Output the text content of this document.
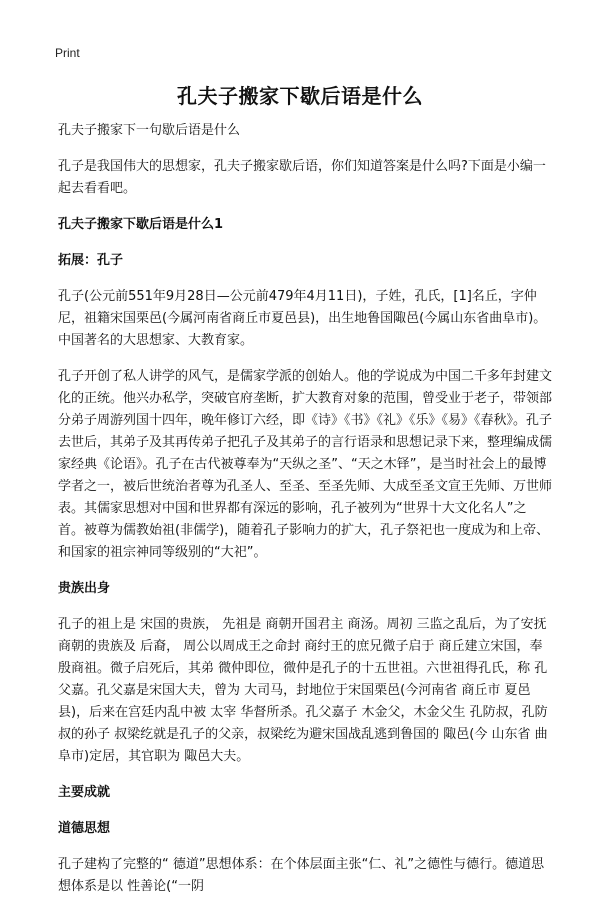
Print
孔夫子搬家下歇后语是什么

孔夫子搬家下一句歇后语是什么

孔子是我国伟大的思想家，孔夫子搬家歇后语，你们知道答案是什么吗?下面是小编一起去看看吧。

孔夫子搬家下歇后语是什么1
拓展：孔子

孔子(公元前551年9月28日—公元前479年4月11日)，子姓，孔氏，[1]名丘，字仲尼，祖籍宋国栗邑(今属河南省商丘市夏邑县)，出生地鲁国陬邑(今属山东省曲阜市)。中国著名的大思想家、大教育家。

孔子开创了私人讲学的风气，是儒家学派的创始人。他的学说成为中国二千多年封建文化的正统。他兴办私学，突破官府垄断，扩大教育对象的范围，曾受业于老子，带领部分弟子周游列国十四年，晚年修订六经，即《诗》《书》《礼》《乐》《易》《春秋》。孔子去世后，其弟子及其再传弟子把孔子及其弟子的言行语录和思想记录下来，整理编成儒家经典《论语》。孔子在古代被尊奉为“天纵之圣”、“天之木铎”，是当时社会上的最博学者之一，被后世统治者尊为孔圣人、至圣、至圣先师、大成至圣文宣王先师、万世师表。其儒家思想对中国和世界都有深远的影响，孔子被列为“世界十大文化名人”之首。被尊为儒教始祖(非儒学)，随着孔子影响力的扩大，孔子祭祀也一度成为和上帝、和国家的祖宗神同等级别的“大祀”。

贵族出身

孔子的祖上是 宋国的贵族， 先祖是 商朝开国君主 商汤。周初 三监之乱后，为了安抚商朝的贵族及 后裔， 周公以周成王之命封 商纣王的庶兄微子启于 商丘建立宋国，奉殷商祖。微子启死后，其弟 微仲即位，微仲是孔子的十五世祖。六世祖得孔氏，称 孔父嘉。孔父嘉是宋国大夫，曾为 大司马，封地位于宋国栗邑(今河南省 商丘市 夏邑县)，后来在宫廷内乱中被 太宰 华督所杀。孔父嘉子 木金父，木金父生 孔防叔，孔防叔的孙子 叔梁纥就是孔子的父亲，叔梁纥为避宋国战乱逃到鲁国的 陬邑(今 山东省 曲阜市)定居，其官职为 陬邑大夫。

主要成就
道德思想

孔子建构了完整的“ 德道”思想体系：在个体层面主张“仁、礼”之德性与德行。德道思想体系是以 性善论(“一阴
